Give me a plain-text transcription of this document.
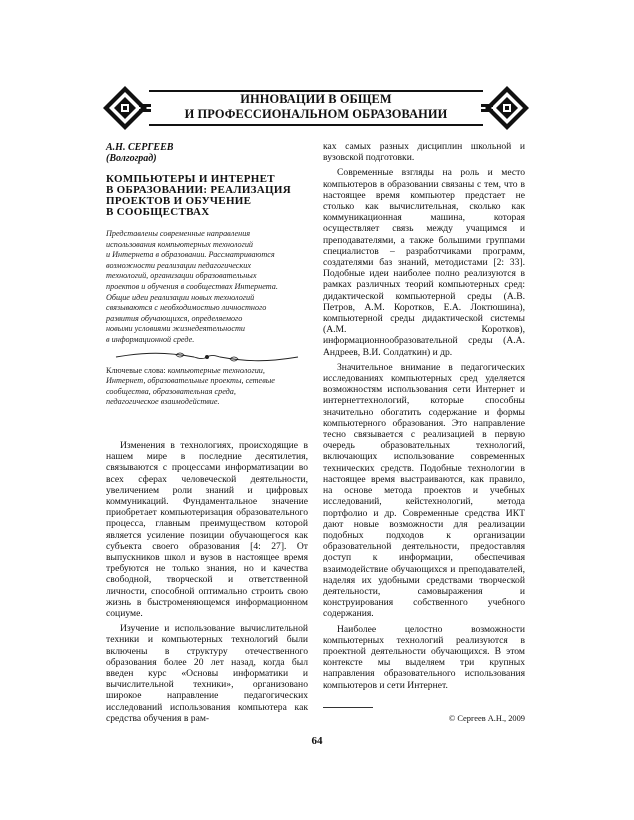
ИННОВАЦИИ В ОБЩЕМ
И ПРОФЕССИОНАЛЬНОМ ОБРАЗОВАНИИ
А.Н. СЕРГЕЕВ
(Волгоград)
КОМПЬЮТЕРЫ И ИНТЕРНЕТ
В ОБРАЗОВАНИИ: РЕАЛИЗАЦИЯ
ПРОЕКТОВ И ОБУЧЕНИЕ
В СООБЩЕСТВАХ
Представлены современные направления
использования компьютерных технологий
и Интернета в образовании. Рассматриваются
возможности реализации педагогических
технологий, организации образовательных
проектов и обучения в сообществах Интернета.
Общие идеи реализации новых технологий
связываются с необходимостью личностного
развития обучающихся, определяемого
новыми условиями жизнедеятельности
в информационной среде.
Ключевые слова: компьютерные технологии,
Интернет, образовательные проекты, сетевые
сообщества, образовательная среда,
педагогическое взаимодействие.

Изменения в технологиях, происходящие в нашем мире в последние десятилетия, связываются с процессами информатизации во всех сферах человеческой деятельности, увеличением роли знаний и цифровых коммуникаций. Фундаментальное значение приобретает компьютеризация образовательного процесса, главным преимуществом которой является усиление позиции обучающегося как субъекта своего образования [4: 27]. От выпускников школ и вузов в настоящее время требуются не только знания, но и качества свободной, творческой и ответственной личности, способной оптимально строить свою жизнь в быстроменяющемся информационном социуме.

Изучение и использование вычислительной техники и компьютерных технологий были включены в структуру отечественного образования более 20 лет назад, когда был введен курс «Основы информатики и вычислительной техники», организовано широкое направление педагогических исследований использования компьютера как средства обучения в рам-

ках самых разных дисциплин школьной и вузовской подготовки.

Современные взгляды на роль и место компьютеров в образовании связаны с тем, что в настоящее время компьютер предстает не столько как вычислительная, сколько как коммуникационная машина, которая осуществляет связь между учащимся и преподавателями, а также большими группами специалистов – разработчиками программ, создателями баз знаний, методистами [2: 33]. Подобные идеи наиболее полно реализуются в рамках различных теорий компьютерных сред: дидактической компьютерной среды (А.В. Петров, А.М. Коротков, Е.А. Локтюшина), компьютерной среды дидактической системы (А.М. Коротков), информационнообразовательной среды (А.А. Андреев, В.И. Солдаткин) и др.

Значительное внимание в педагогических исследованиях компьютерных сред уделяется возможностям использования сети Интернет и интернеттехнологий, которые способны значительно обогатить содержание и формы компьютерного образования. Это направление тесно связывается с реализацией в первую очередь образовательных технологий, включающих использование современных технических средств. Подобные технологии в настоящее время выстраиваются, как правило, на основе метода проектов и учебных исследований, кейстехнологий, метода портфолио и др. Современные средства ИКТ дают новые возможности для реализации подобных подходов к организации образовательной деятельности, предоставляя доступ к информации, обеспечивая взаимодействие обучающихся и преподавателей, наделяя их удобными средствами творческой деятельности, самовыражения и конструирования собственного учебного содержания.

Наиболее целостно возможности компьютерных технологий реализуются в проектной деятельности обучающихся. В этом контексте мы выделяем три крупных направления образовательного использования компьютеров и сети Интернет.

© Сергеев А.Н., 2009
64
